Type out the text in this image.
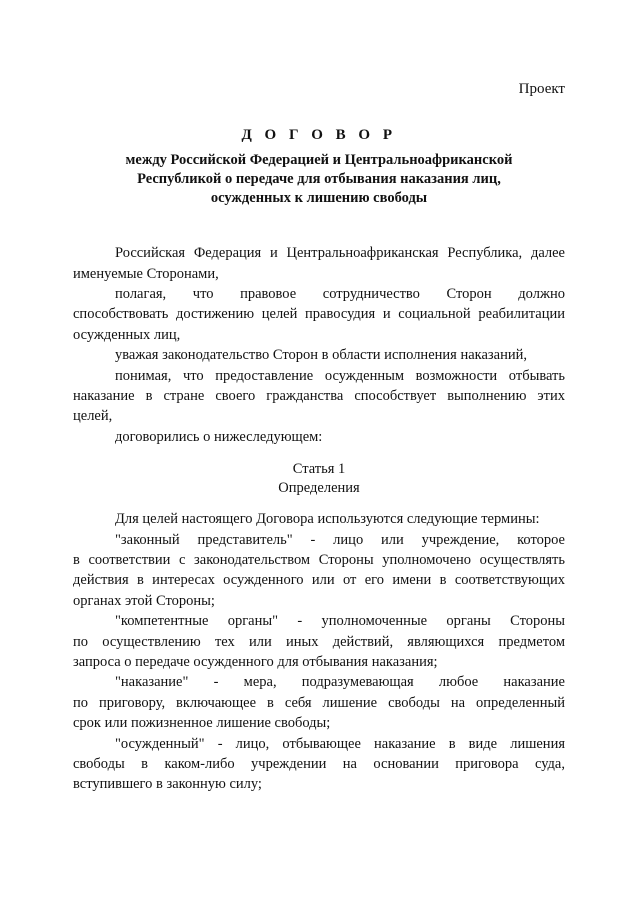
Проект
Д О Г О В О Р
между Российской Федерацией и Центральноафриканской
Республикой о передаче для отбывания наказания лиц,
осужденных к лишению свободы

Российская Федерация и Центральноафриканская Республика, далее

именуемые Сторонами,

полагая, что правовое сотрудничество Сторон должно

способствовать достижению целей правосудия и социальной реабилитации

осужденных лиц,

уважая законодательство Сторон в области исполнения наказаний,

понимая, что предоставление осужденным возможности отбывать

наказание в стране своего гражданства способствует выполнению этих

целей,

договорились о нижеследующем:

Статья 1
Определения

Для целей настоящего Договора используются следующие термины:

"законный представитель" - лицо или учреждение, которое

в соответствии с законодательством Стороны уполномочено осуществлять

действия в интересах осужденного или от его имени в соответствующих

органах этой Стороны;

"компетентные органы" - уполномоченные органы Стороны

по осуществлению тех или иных действий, являющихся предметом

запроса о передаче осужденного для отбывания наказания;

"наказание" - мера, подразумевающая любое наказание

по приговору, включающее в себя лишение свободы на определенный

срок или пожизненное лишение свободы;

"осужденный" - лицо, отбывающее наказание в виде лишения

свободы в каком-либо учреждении на основании приговора суда,

вступившего в законную силу;
